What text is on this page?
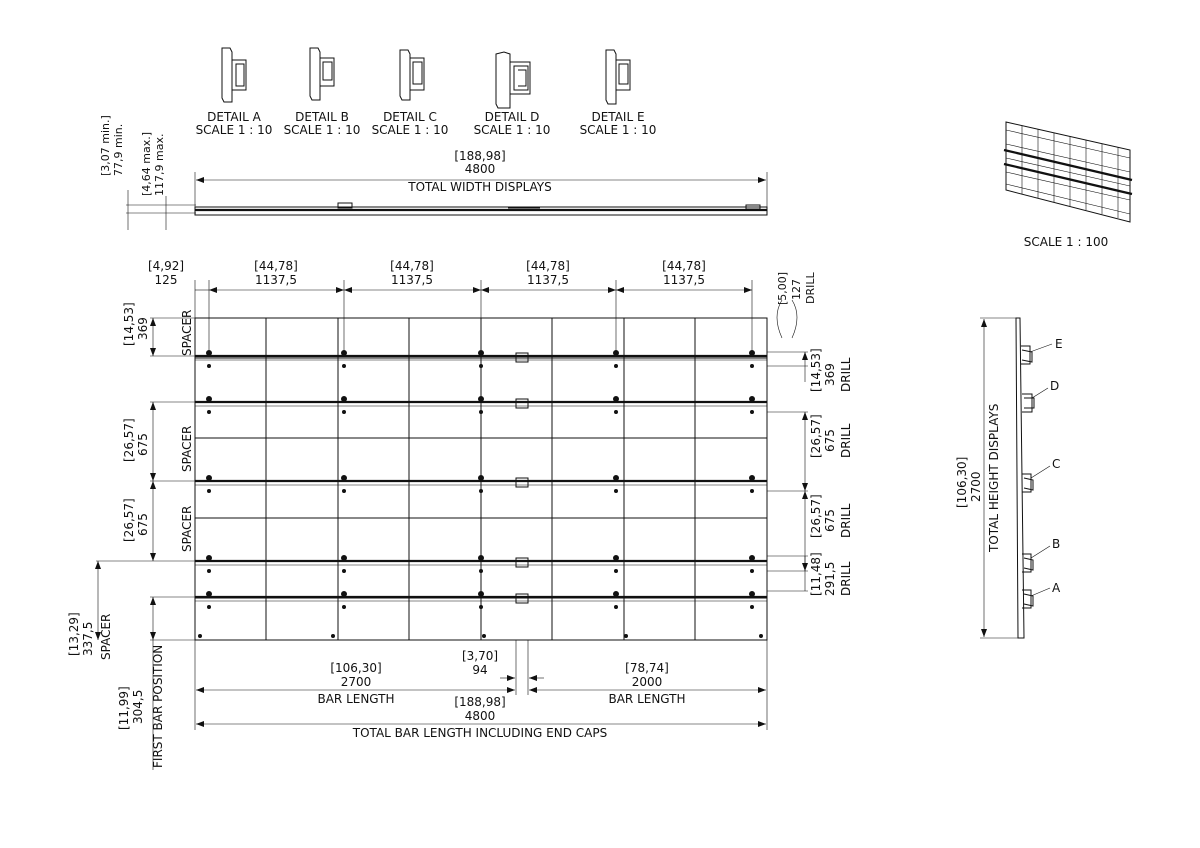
DETAIL A
SCALE 1 : 10
DETAIL B
SCALE 1 : 10
DETAIL C
SCALE 1 : 10
DETAIL D
SCALE 1 : 10
DETAIL E
SCALE 1 : 10
[188,98]
4800
TOTAL WIDTH DISPLAYS
[3,07 min.] 77,9 min. [4,64 max.] 117,9 max.
SCALE 1 : 100
[4,92]
125
[44,78]
1137,5
[44,78]
1137,5
[44,78]
1137,5
[44,78]
1137,5	[5,00] 127 DRILL
[14,53] 369	SPACER
[26,57] 675	SPACER
[26,57] 675	SPACER
[13,29] 337,5 SPACER
[11,99] 304,5 FIRST BAR POSITION
[14,53] 369 DRILL
[26,57] 675 DRILL
[26,57] 675 DRILL
[11,48] 291,5 DRILL
[106,30]
2700
BAR LENGTH
[3,70]
94	[78,74]
2000
BAR LENGTH
[188,98]
4800
TOTAL BAR LENGTH INCLUDING END CAPS
E
D
C
B
A
[106,30] 2700 TOTAL HEIGHT DISPLAYS
